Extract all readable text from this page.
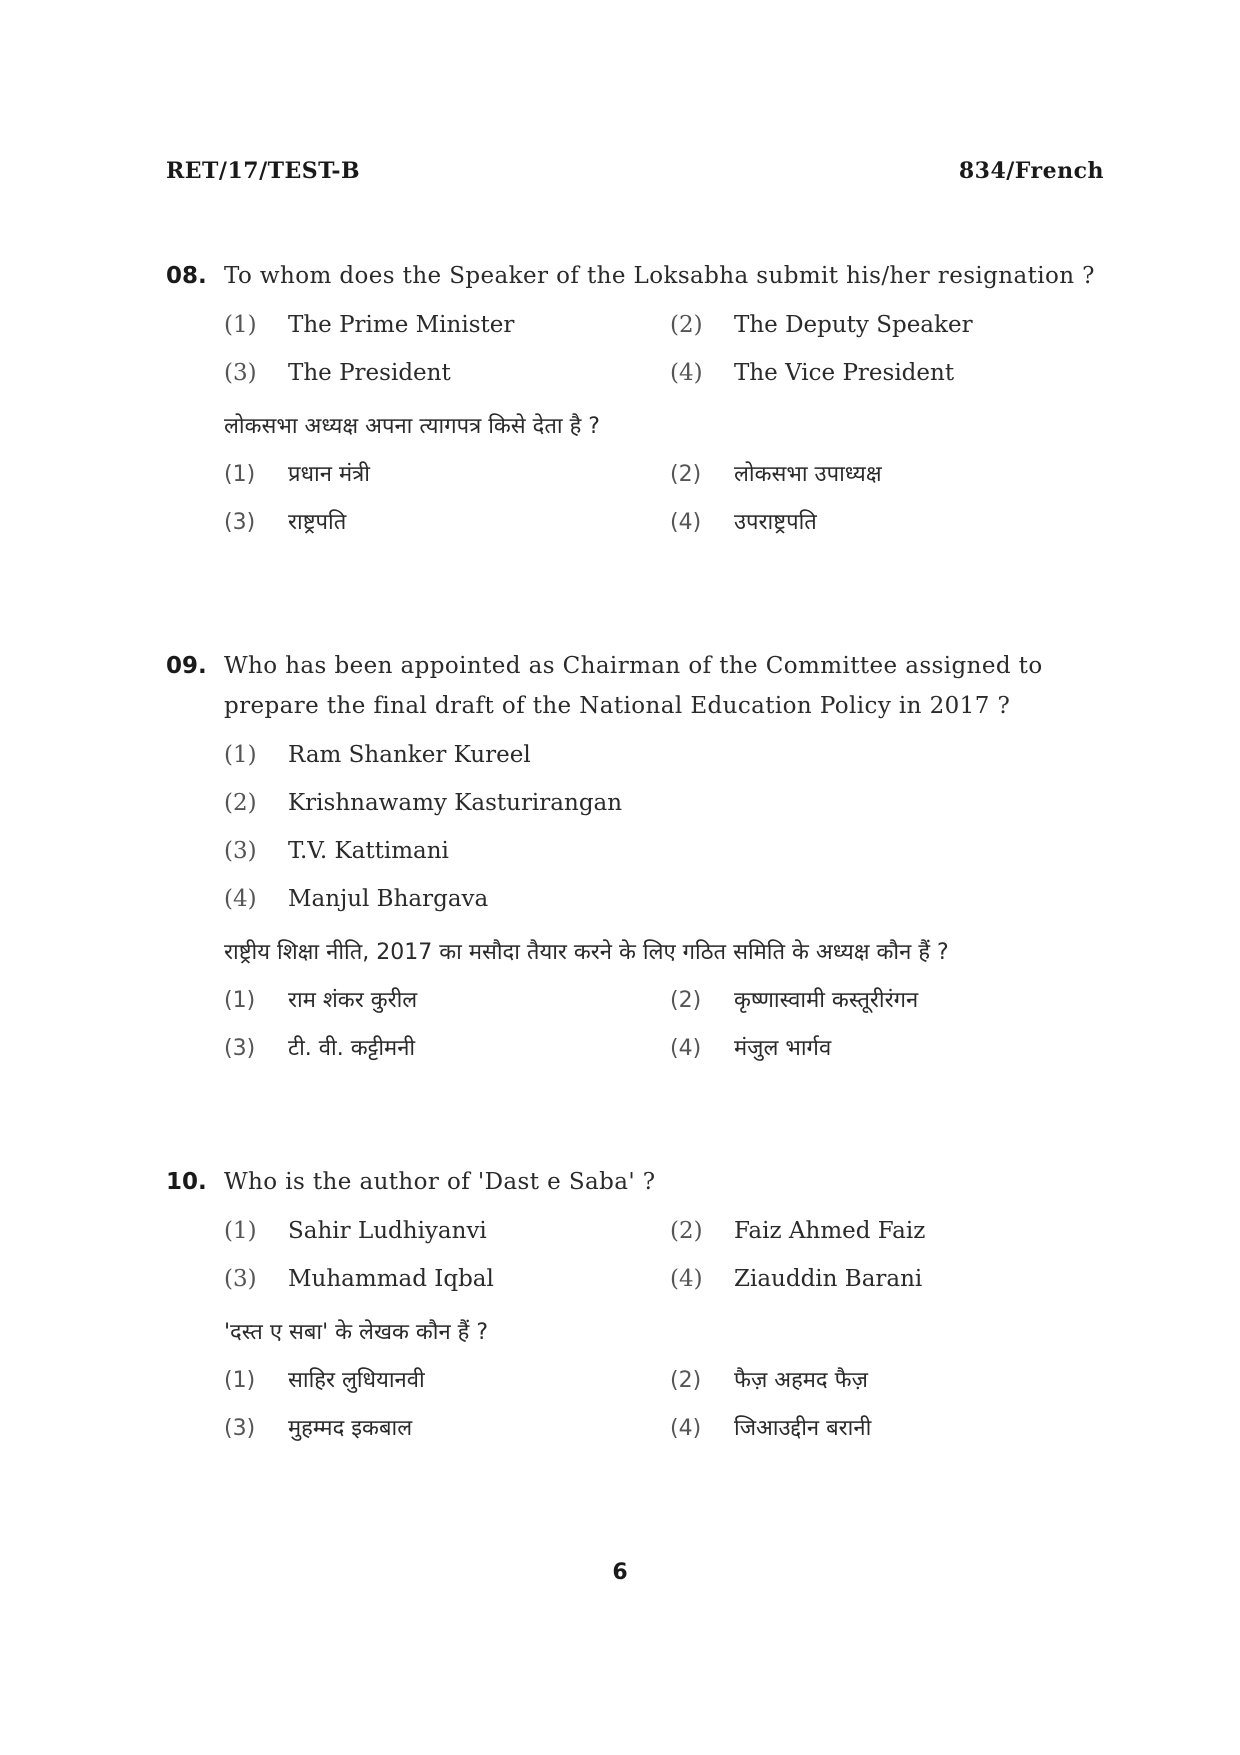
RET/17/TEST-B	834/French
08. To whom does the Speaker of the Loksabha submit his/her resignation ?
(1)	The Prime Minister	(2)	The Deputy Speaker
(3)	The President	(4)	The Vice President
लोकसभा अध्यक्ष अपना त्यागपत्र किसे देता है ?
(1)	प्रधान मंत्री	(2)	लोकसभा उपाध्यक्ष
(3)	राष्ट्रपति	(4)	उपराष्ट्रपति
09. Who has been appointed as Chairman of the Committee assigned to prepare the final draft of the National Education Policy in 2017 ?
(1)	Ram Shanker Kureel
(2)	Krishnawamy Kasturirangan
(3)	T.V. Kattimani
(4)	Manjul Bhargava
राष्ट्रीय शिक्षा नीति, 2017 का मसौदा तैयार करने के लिए गठित समिति के अध्यक्ष कौन हैं ?
(1)	राम शंकर कुरील	(2)	कृष्णास्वामी कस्तूरीरंगन
(3)	टी. वी. कट्टीमनी	(4)	मंजुल भार्गव
10. Who is the author of 'Dast e Saba' ?
(1)	Sahir Ludhiyanvi	(2)	Faiz Ahmed Faiz
(3)	Muhammad Iqbal	(4)	Ziauddin Barani
'दस्त ए सबा' के लेखक कौन हैं ?
(1)	साहिर लुधियानवी	(2)	फैज़ अहमद फैज़
(3)	मुहम्मद इकबाल	(4)	जिआउद्दीन बरानी
6
